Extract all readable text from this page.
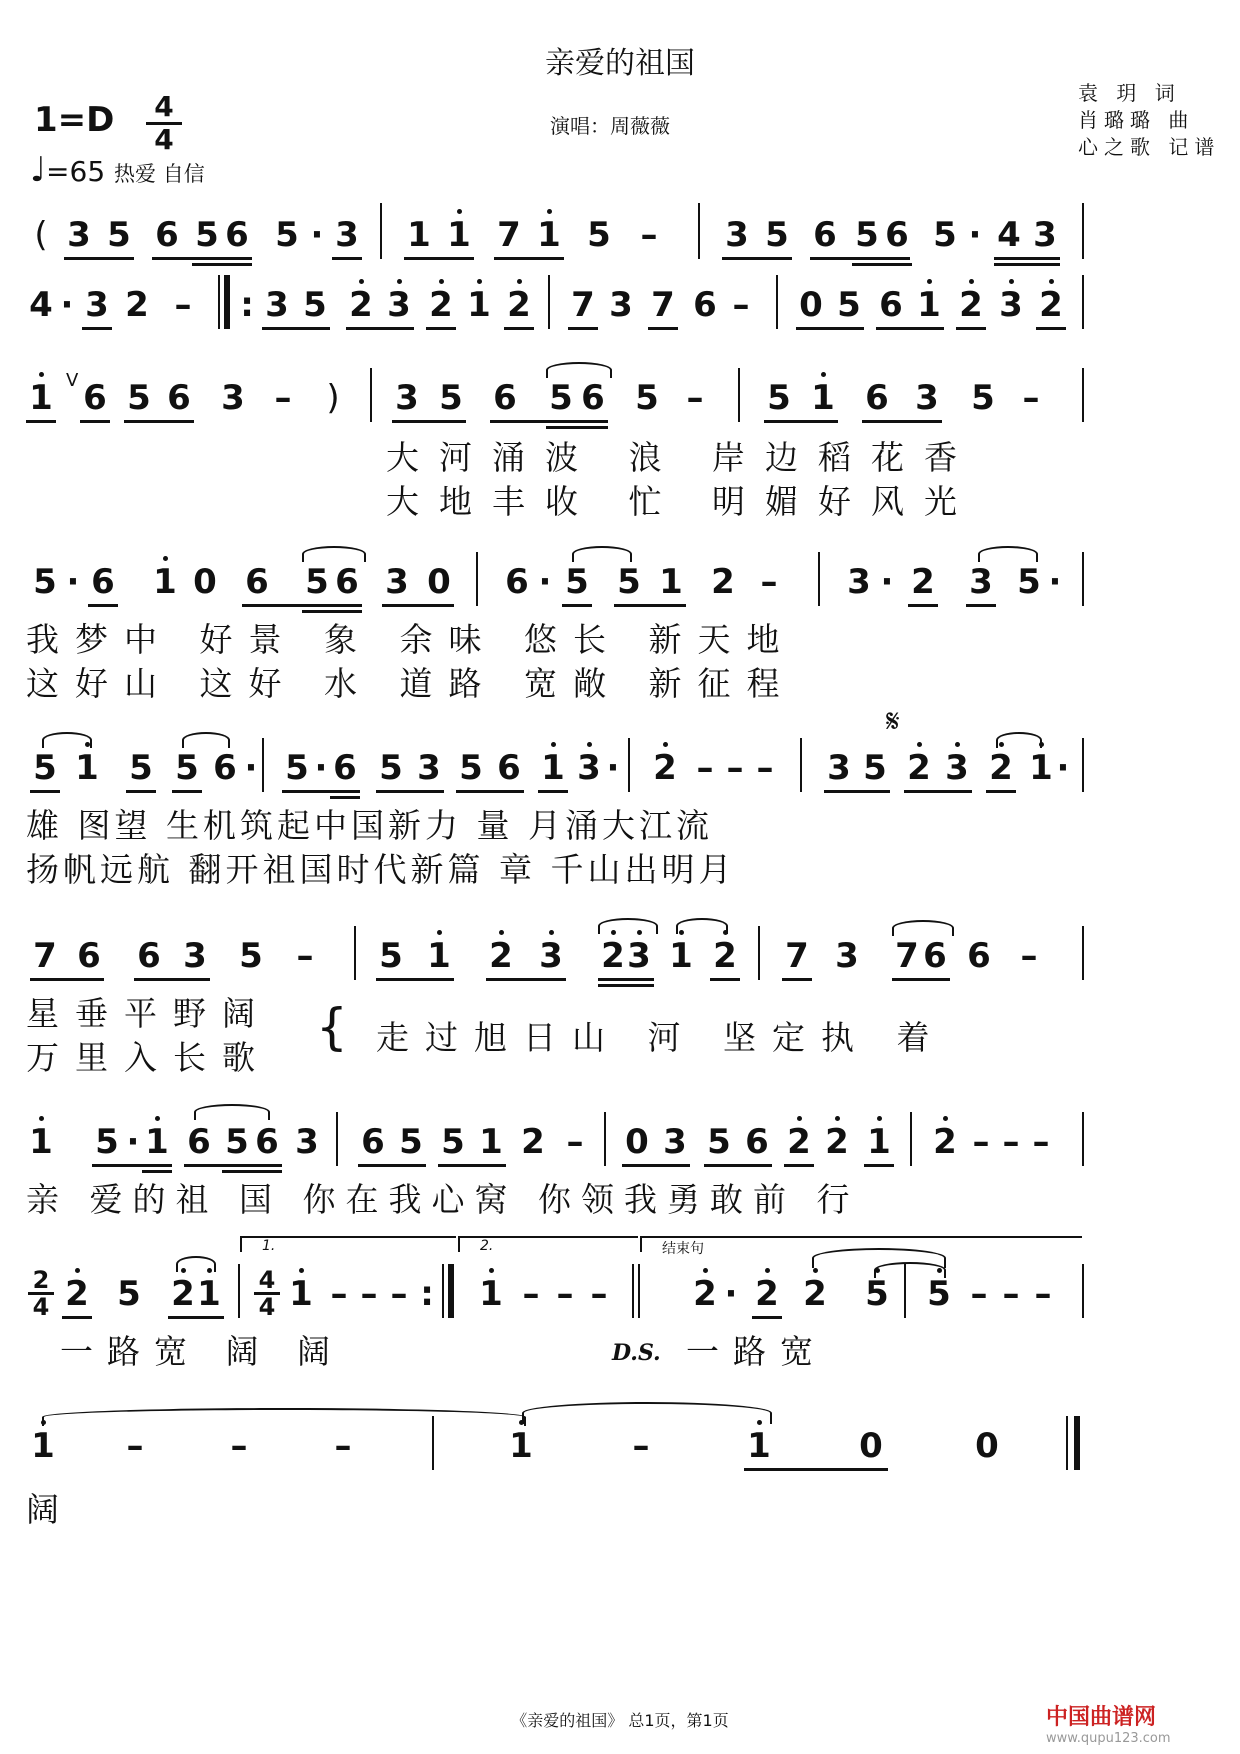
亲爱的祖国
$1=D \frac{4}{4}$
♩=65 热爱 自信
演唱：周薇薇
袁 玥 词
肖璐璐 曲
心之歌 记谱
( 3 5 6 5 6 5 · 3 1 1 7 1 5 – 3 5 6 5 6 5 · 4 3
4 · 3 2 – : 3 5 2 3 2 1 2 7 3 7 6 – 0 5 6 1 2 3 2
1 V 6 5 6 3 – ) 3 5 6 5 6 5 – 5 1 6 3 5 –
大河涌波 浪 岸边稻花香
大地丰收 忙 明媚好风光
5 · 6 1 0 6 5 6 3 0 6 · 5 5 1 2 – 3 · 2 3 5 ·
我梦中 好景 象 余味 悠长 新天地
这好山 这好 水 道路 宽敞 新征程
𝄋
5 1 5 5 6 · 5 · 6 5 3 5 6 1 3 · 2 – – – 3 5 2 3 2 1 ·
雄 图望 生机筑起中国新力 量 月涌大江流
扬帆远航 翻开祖国时代新篇 章 千山出明月
7 6 6 3 5 – 5 1 2 3 2 3 1 2 7 3 7 6 6 –
星垂平野阔
万里入长歌
{ 走过旭日山 河 坚定执 着
1 5 · 1 6 5 6 3 6 5 5 1 2 – 0 3 5 6 2 2 1 2 – – –
亲 爱的祖 国 你在我心窝 你领我勇敢前 行
1.	2.	结束句
2
4 2 5 2 1 4
4 1 – – – : 1 – – –	2 · 2 2 5 5 – – –
一路宽 阔 阔	D.S. 一路宽
1 –	–	–	1	–	1	0	0
阔
《亲爱的祖国》 总1页，第1页	中国曲谱网
www.qupu123.com
